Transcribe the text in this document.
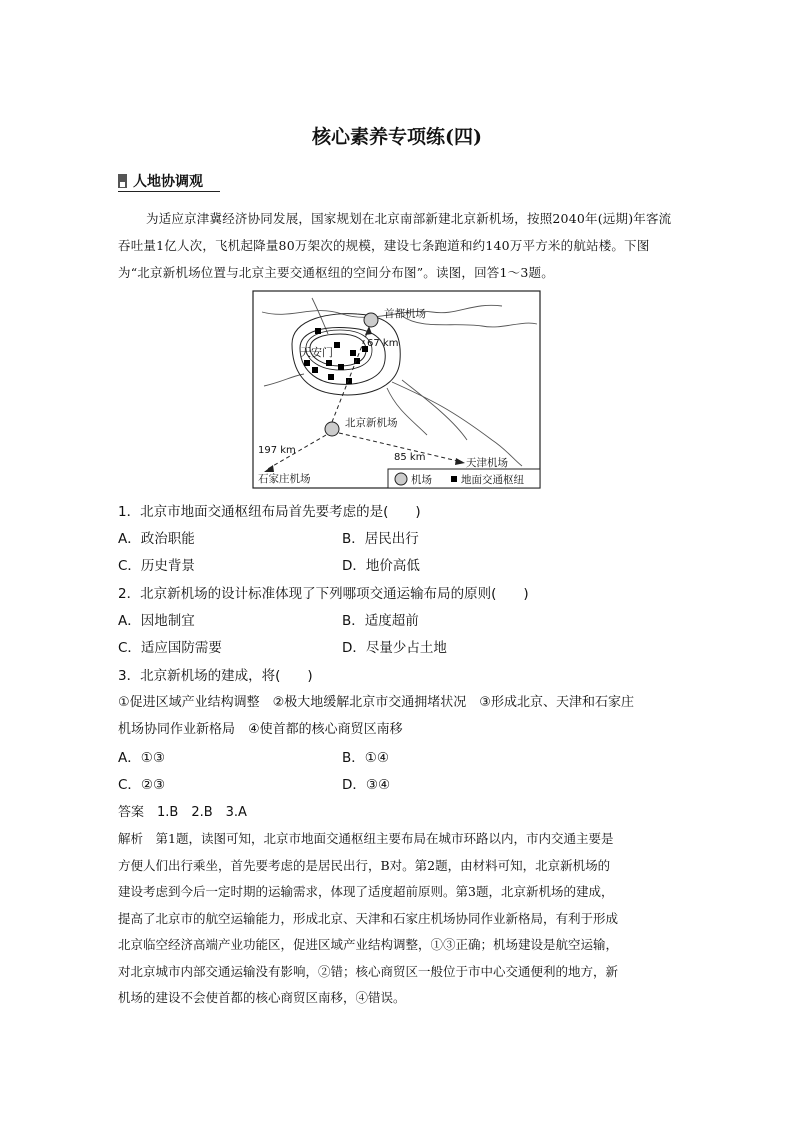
核心素养专项练(四)
人地协调观

为适应京津冀经济协同发展，国家规划在北京南部新建北京新机场，按照2040年(远期)年客流吞吐量1亿人次，飞机起降量80万架次的规模，建设七条跑道和约140万平方米的航站楼。下图为“北京新机场位置与北京主要交通枢纽的空间分布图”。读图，回答1～3题。

天安门
首都机场
67 km
北京新机场
197 km
石家庄机场
85 km	天津机场
机场	地面交通枢纽
1．北京市地面交通枢纽布局首先要考虑的是(　　)
A．政治职能	B．居民出行
C．历史背景	D．地价高低
2．北京新机场的设计标准体现了下列哪项交通运输布局的原则(　　)
A．因地制宜	B．适度超前
C．适应国防需要	D．尽量少占土地
3．北京新机场的建成，将(　　)
①促进区域产业结构调整　②极大地缓解北京市交通拥堵状况　③形成北京、天津和石家庄
机场协同作业新格局　④使首都的核心商贸区南移
A．①③	B．①④
C．②③	D．③④
答案　1.B　2.B　3.A

解析　第1题，读图可知，北京市地面交通枢纽主要布局在城市环路以内，市内交通主要是

方便人们出行乘坐，首先要考虑的是居民出行，B对。第2题，由材料可知，北京新机场的

建设考虑到今后一定时期的运输需求，体现了适度超前原则。第3题，北京新机场的建成，

提高了北京市的航空运输能力，形成北京、天津和石家庄机场协同作业新格局，有利于形成

北京临空经济高端产业功能区，促进区域产业结构调整，①③正确；机场建设是航空运输，

对北京城市内部交通运输没有影响，②错；核心商贸区一般位于市中心交通便利的地方，新

机场的建设不会使首都的核心商贸区南移，④错误。
